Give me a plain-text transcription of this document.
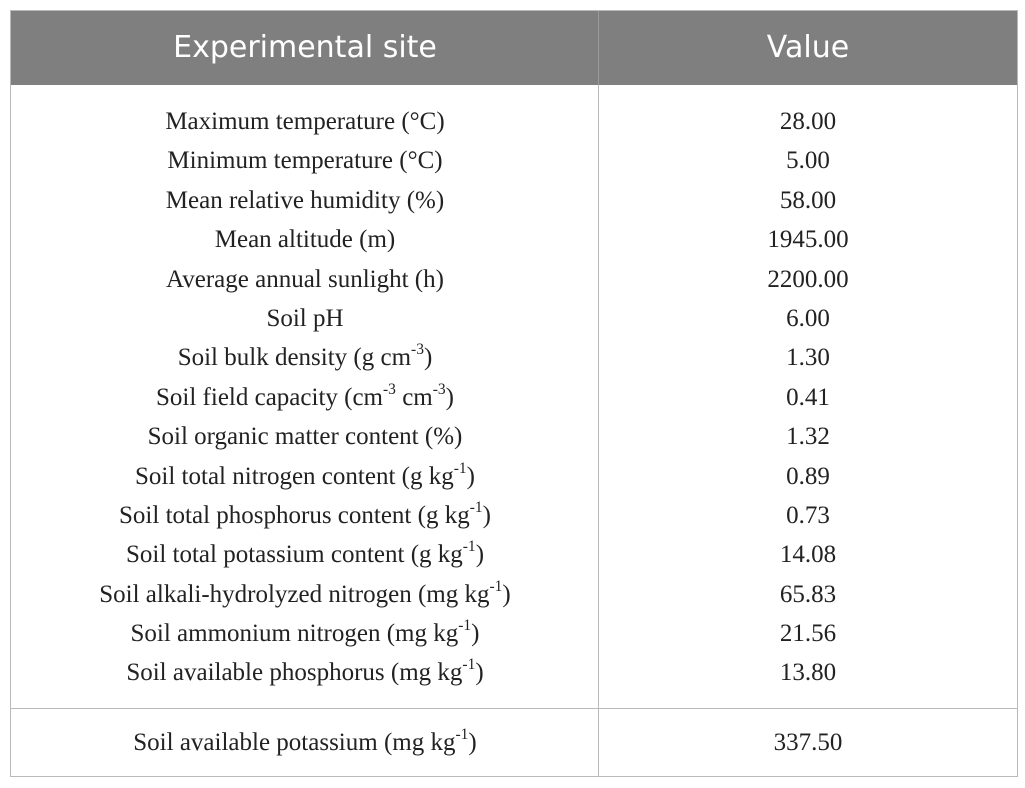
Experimental site	Value
Maximum temperature (°C)	28.00
Minimum temperature (°C)	5.00
Mean relative humidity (%)	58.00
Mean altitude (m)	1945.00
Average annual sunlight (h)	2200.00
Soil pH	6.00
Soil bulk density (g $cm^{-3}$)	1.30
Soil field capacity ($cm^{-3}$ $cm^{-3}$)	0.41
Soil organic matter content (%)	1.32
Soil total nitrogen content (g $kg^{-1}$)	0.89
Soil total phosphorus content (g $kg^{-1}$)	0.73
Soil total potassium content (g $kg^{-1}$)	14.08
Soil alkali-hydrolyzed nitrogen (mg $kg^{-1}$)	65.83
Soil ammonium nitrogen (mg $kg^{-1}$)	21.56
Soil available phosphorus (mg $kg^{-1}$)	13.80
Soil available potassium (mg $kg^{-1}$)	337.50
